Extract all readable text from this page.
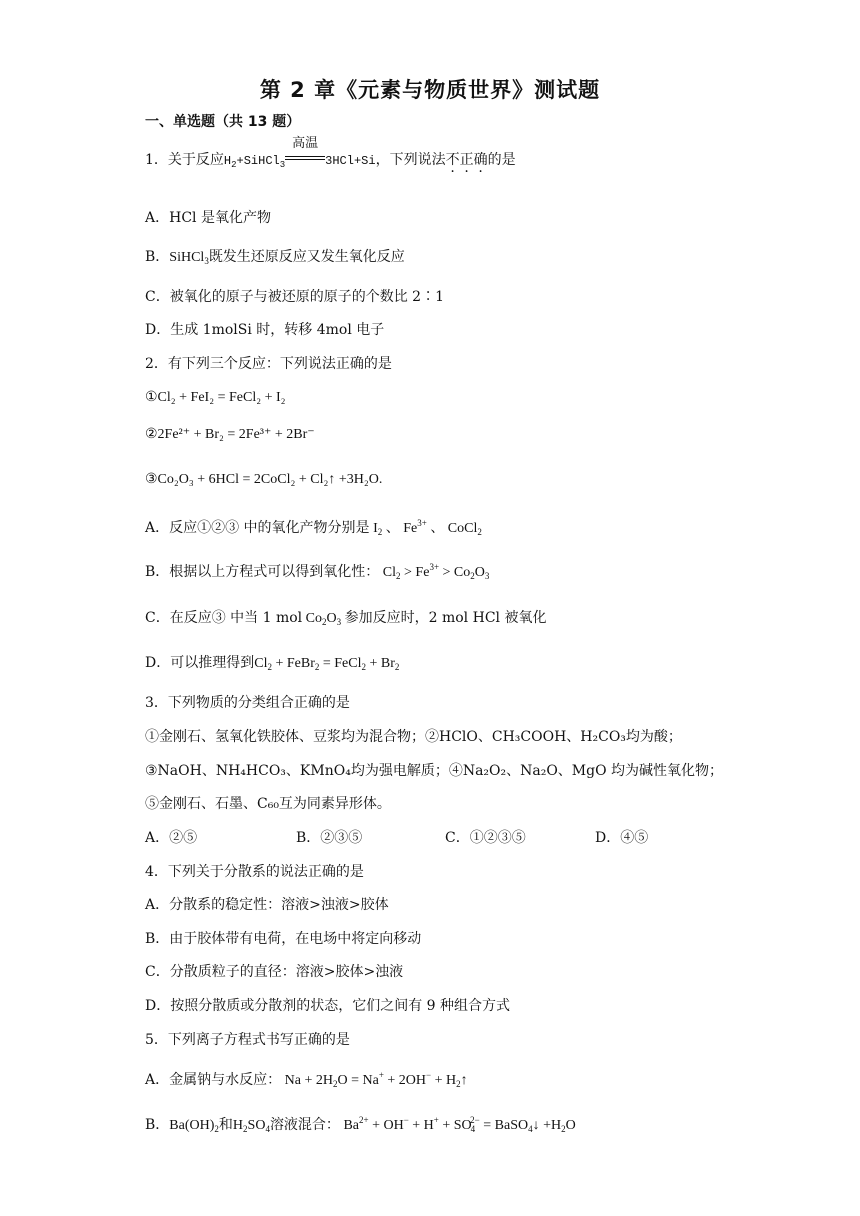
第 2 章《元素与物质世界》测试题
一、单选题（共 13 题）
1．关于反应$H_2+SiHCl_3$
高温
3HCl+Si，下列说法不正确的是
A．HCl 是氧化产物
B．SiHCl$_3$既发生还原反应又发生氧化反应
C．被氧化的原子与被还原的原子的个数比 2∶1
D．生成 1molSi 时，转移 4mol 电子
2．有下列三个反应：下列说法正确的是
①Cl₂ + FeI₂ = FeCl₂ + I₂
②2Fe²⁺ + Br₂ = 2Fe³⁺ + 2Br⁻
③Co₂O₃ + 6HCl = 2CoCl₂ + Cl₂↑ +3H₂O.
A．反应①②③ 中的氧化产物分别是 $I_2$ 、 $Fe^{3+}$ 、 CoCl$_2$
B．根据以上方程式可以得到氧化性： $Cl_2 > Fe^{3+} > Co_2O_3$
C．在反应③ 中当 1 mol $Co_2O_3$ 参加反应时，2 mol HCl 被氧化
D．可以推理得到$Cl_2$ + FeBr$_2$ = FeCl$_2$ + $Br_2$
3．下列物质的分类组合正确的是
①金刚石、氢氧化铁胶体、豆浆均为混合物；②HClO、CH₃COOH、H₂CO₃均为酸；
③NaOH、NH₄HCO₃、KMnO₄均为强电解质；④Na₂O₂、Na₂O、MgO 均为碱性氧化物；
⑤金刚石、石墨、C₆₀互为同素异形体。
A．②⑤	B．②③⑤	C．①②③⑤	D．④⑤
4．下列关于分散系的说法正确的是
A．分散系的稳定性：溶液>浊液>胶体
B．由于胶体带有电荷，在电场中将定向移动
C．分散质粒子的直径：溶液>胶体>浊液
D．按照分散质或分散剂的状态，它们之间有 9 种组合方式
5．下列离子方程式书写正确的是
A．金属钠与水反应： $Na + 2H_2O = Na^+ + 2OH^-$ + $H_2↑$
B．$Ba(OH)_2$和$H_2SO_4$溶液混合： $Ba^{2+} + OH^- + H^+ + SO_4^{2-}$ = BaSO$_4$↓ $+H_2O$
